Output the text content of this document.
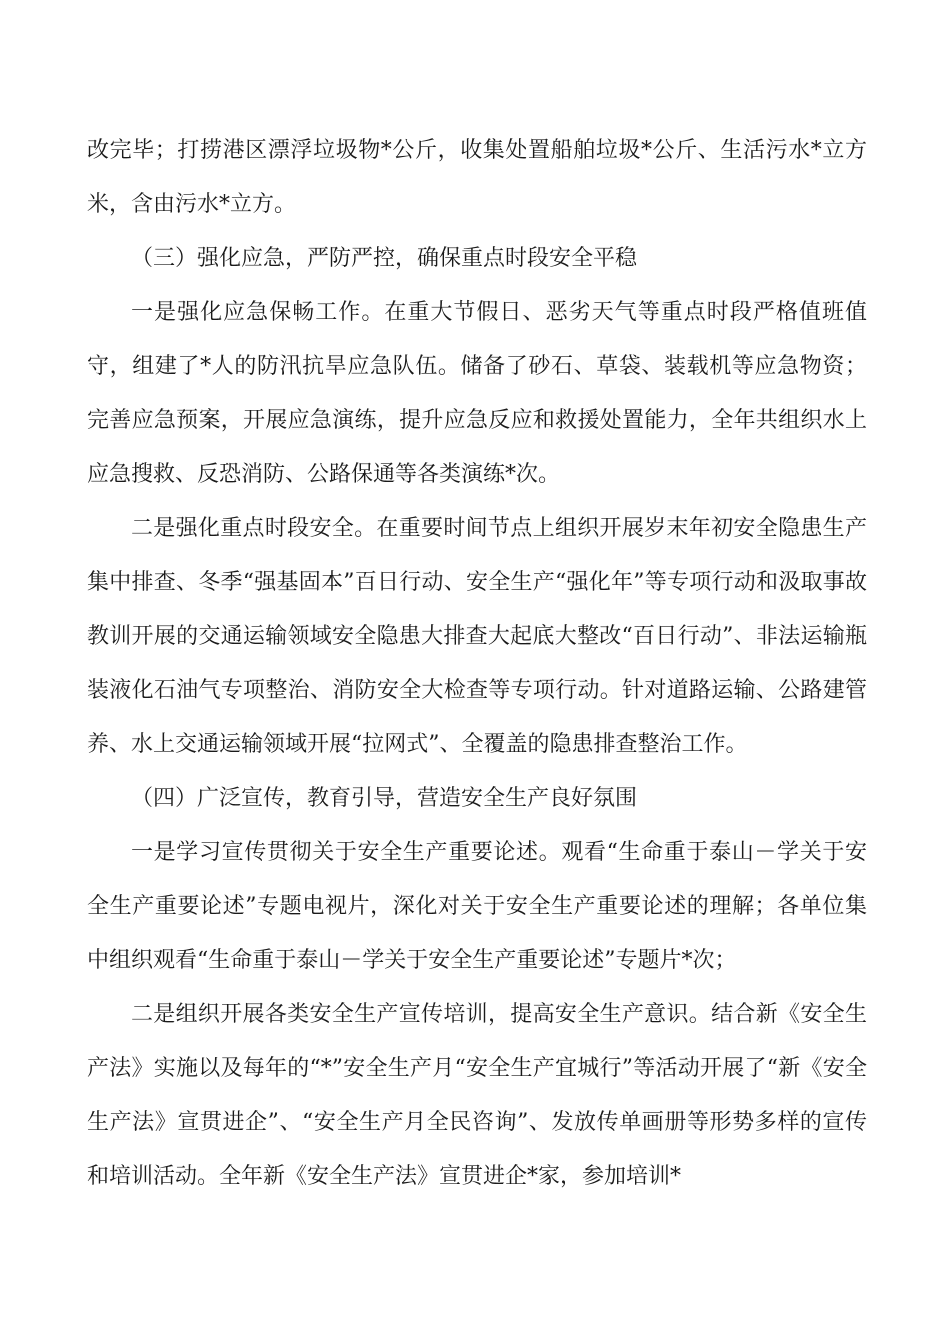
改完毕；打捞港区漂浮垃圾物*公斤，收集处置船舶垃圾*公斤、生活污水*立方米，含由污水*立方。

（三）强化应急，严防严控，确保重点时段安全平稳

一是强化应急保畅工作。在重大节假日、恶劣天气等重点时段严格值班值守，组建了*人的防汛抗旱应急队伍。储备了砂石、草袋、装载机等应急物资；完善应急预案，开展应急演练，提升应急反应和救援处置能力，全年共组织水上应急搜救、反恐消防、公路保通等各类演练*次。

二是强化重点时段安全。在重要时间节点上组织开展岁末年初安全隐患生产集中排查、冬季“强基固本”百日行动、安全生产“强化年”等专项行动和汲取事故教训开展的交通运输领域安全隐患大排查大起底大整改“百日行动”、非法运输瓶装液化石油气专项整治、消防安全大检查等专项行动。针对道路运输、公路建管养、水上交通运输领域开展“拉网式”、全覆盖的隐患排查整治工作。

（四）广泛宣传，教育引导，营造安全生产良好氛围

一是学习宣传贯彻关于安全生产重要论述。观看“生命重于泰山－学关于安全生产重要论述”专题电视片，深化对关于安全生产重要论述的理解；各单位集中组织观看“生命重于泰山－学关于安全生产重要论述”专题片*次；

二是组织开展各类安全生产宣传培训，提高安全生产意识。结合新《安全生产法》实施以及每年的“*”安全生产月“安全生产宜城行”等活动开展了“新《安全生产法》宣贯进企”、“安全生产月全民咨询”、发放传单画册等形势多样的宣传和培训活动。全年新《安全生产法》宣贯进企*家，参加培训*
